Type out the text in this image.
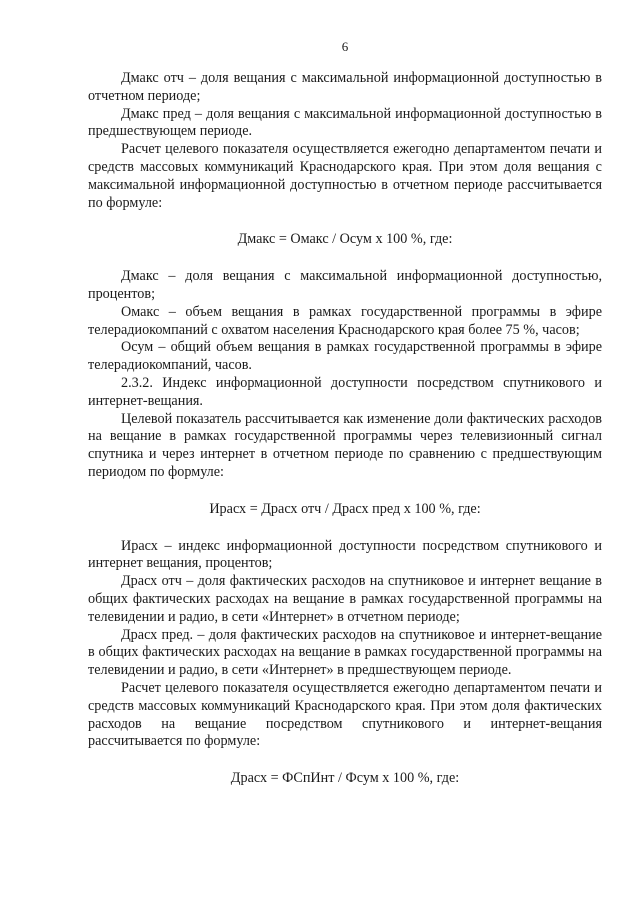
6

Дмакс отч – доля вещания с максимальной информационной доступностью в отчетном периоде;

Дмакс пред – доля вещания с максимальной информационной доступностью в предшествующем периоде.

Расчет целевого показателя осуществляется ежегодно департаментом печати и средств массовых коммуникаций Краснодарского края. При этом доля вещания с максимальной информационной доступностью в отчетном периоде рассчитывается по формуле:

Дмакс = Омакс / Осум х 100 %, где:

Дмакс – доля вещания с максимальной информационной доступностью, процентов;

Омакс – объем вещания в рамках государственной программы в эфире телерадиокомпаний с охватом населения Краснодарского края более 75 %, часов;

Осум – общий объем вещания в рамках государственной программы в эфире телерадиокомпаний, часов.

2.3.2. Индекс информационной доступности посредством спутникового и интернет-вещания.

Целевой показатель рассчитывается как изменение доли фактических расходов на вещание в рамках государственной программы через телевизионный сигнал спутника и через интернет в отчетном периоде по сравнению с предшествующим периодом по формуле:

Ирасх = Драсх отч / Драсх пред х 100 %, где:

Ирасх – индекс информационной доступности посредством спутникового и интернет вещания, процентов;

Драсх отч – доля фактических расходов на спутниковое и интернет вещание в общих фактических расходах на вещание в рамках государственной программы на телевидении и радио, в сети «Интернет» в отчетном периоде;

Драсх пред. – доля фактических расходов на спутниковое и интернет-вещание в общих фактических расходах на вещание в рамках государственной программы на телевидении и радио, в сети «Интернет» в предшествующем периоде.

Расчет целевого показателя осуществляется ежегодно департаментом печати и средств массовых коммуникаций Краснодарского края. При этом доля фактических расходов на вещание посредством спутникового и интернет-вещания рассчитывается по формуле:

Драсх = ФСпИнт / Фсум х 100 %, где:
